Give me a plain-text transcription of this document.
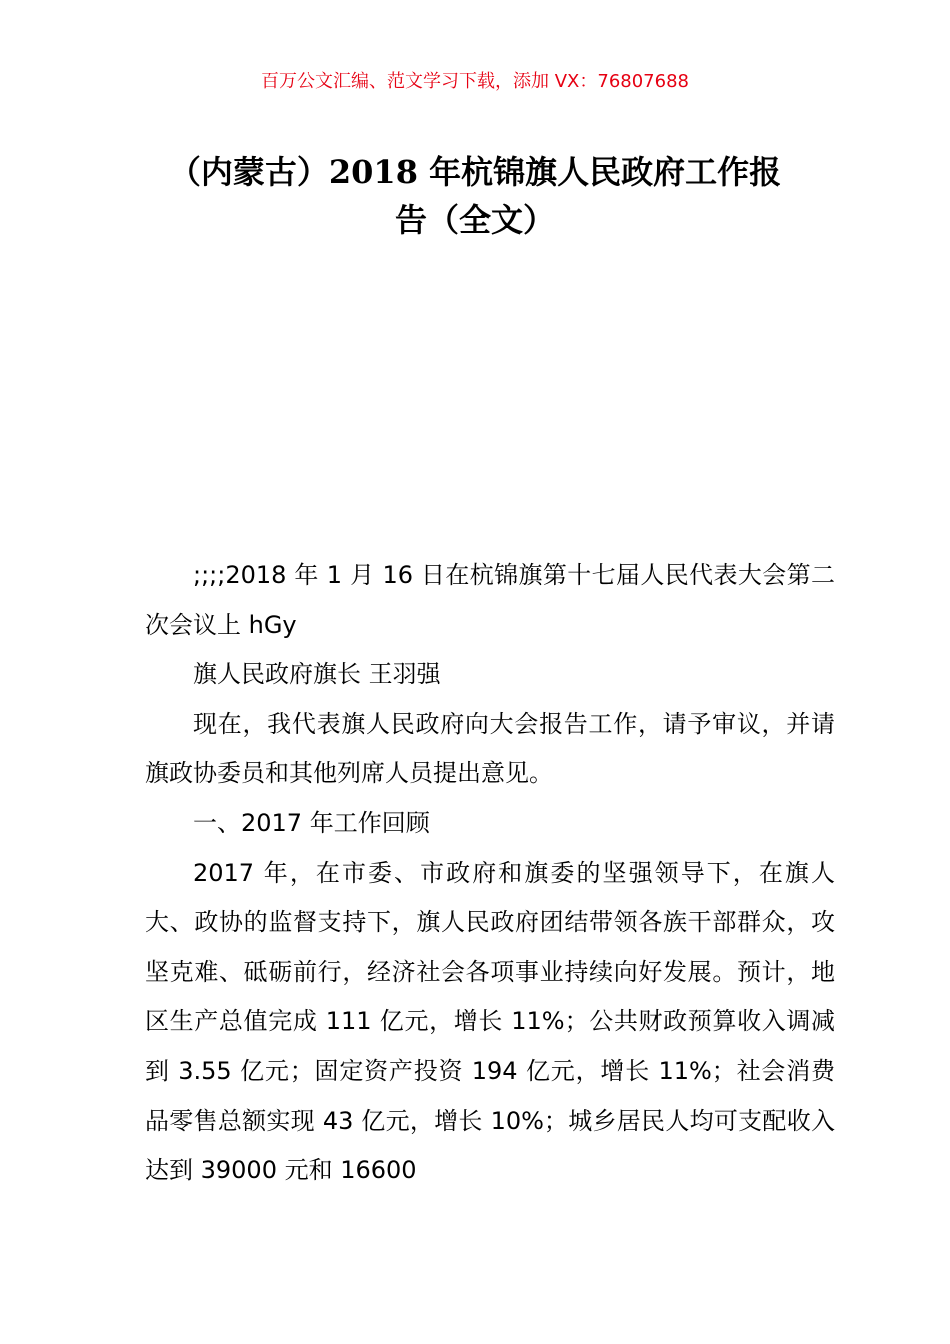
百万公文汇编、范文学习下载，添加 VX：76807688
（内蒙古）2018 年杭锦旗人民政府工作报
告（全文）

;;;;2018 年 1 月 16 日在杭锦旗第十七届人民代表大会第二次会议上 hGy

旗人民政府旗长 王羽强

现在，我代表旗人民政府向大会报告工作，请予审议，并请旗政协委员和其他列席人员提出意见。

一、2017 年工作回顾

2017 年，在市委、市政府和旗委的坚强领导下，在旗人大、政协的监督支持下，旗人民政府团结带领各族干部群众，攻坚克难、砥砺前行，经济社会各项事业持续向好发展。预计，地区生产总值完成 111 亿元，增长 11%；公共财政预算收入调减到 3.55 亿元；固定资产投资 194 亿元，增长 11%；社会消费品零售总额实现 43 亿元，增长 10%；城乡居民人均可支配收入达到 39000 元和 16600
